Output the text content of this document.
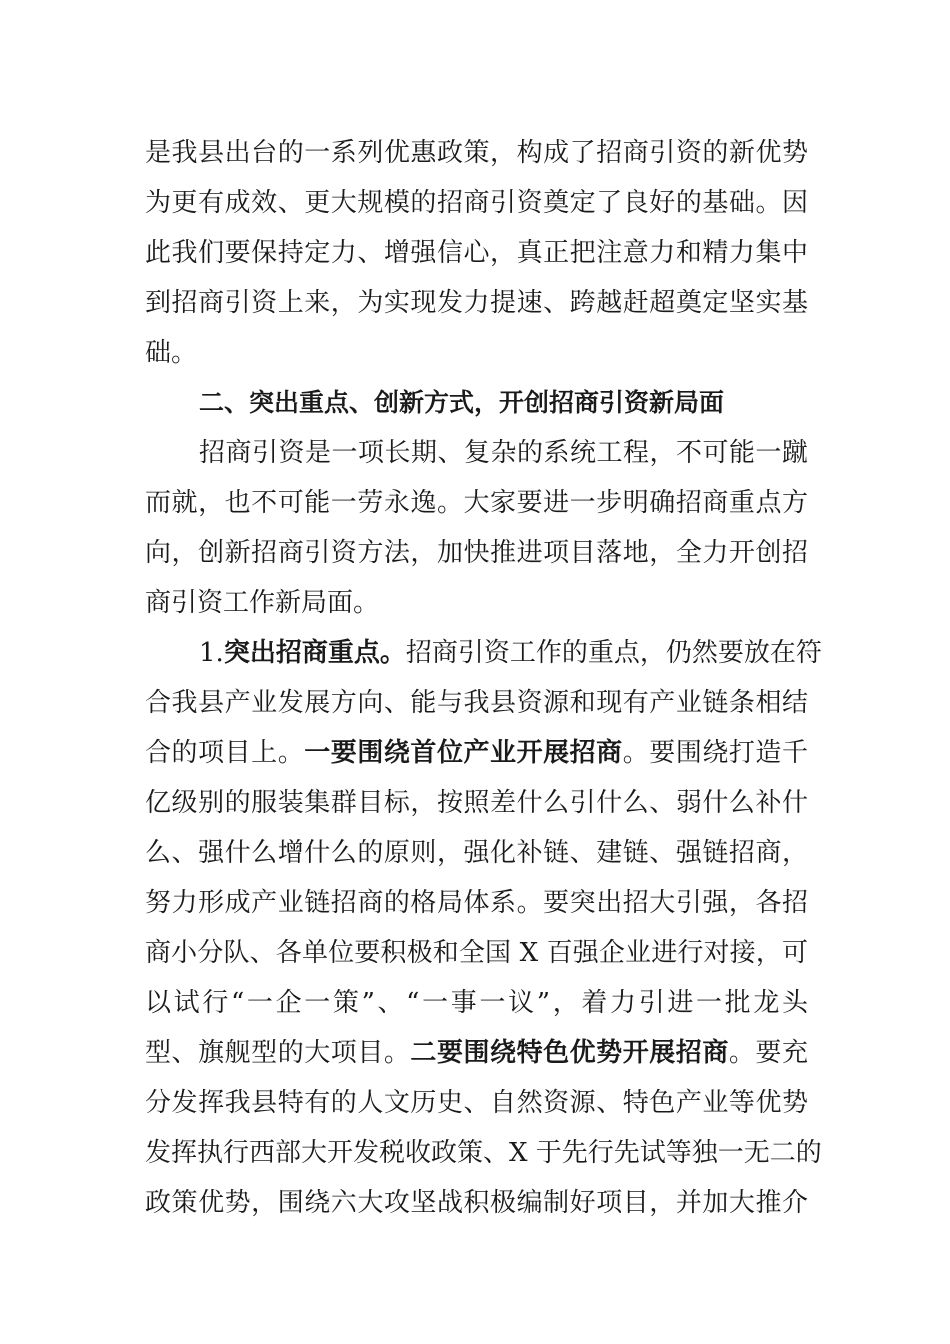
是我县出台的一系列优惠政策，构成了招商引资的新优势
为更有成效、更大规模的招商引资奠定了良好的基础。因
此我们要保持定力、增强信心，真正把注意力和精力集中
到招商引资上来，为实现发力提速、跨越赶超奠定坚实基
础。
二、突出重点、创新方式，开创招商引资新局面
招商引资是一项长期、复杂的系统工程，不可能一蹴
而就，也不可能一劳永逸。大家要进一步明确招商重点方
向，创新招商引资方法，加快推进项目落地，全力开创招
商引资工作新局面。
1.突出招商重点。招商引资工作的重点，仍然要放在符
合我县产业发展方向、能与我县资源和现有产业链条相结
合的项目上。一要围绕首位产业开展招商。要围绕打造千
亿级别的服装集群目标，按照差什么引什么、弱什么补什
么、强什么增什么的原则，强化补链、建链、强链招商，
努力形成产业链招商的格局体系。要突出招大引强，各招
商小分队、各单位要积极和全国 X 百强企业进行对接，可
以试行“一企一策”、“一事一议”，着力引进一批龙头
型、旗舰型的大项目。二要围绕特色优势开展招商。要充
分发挥我县特有的人文历史、自然资源、特色产业等优势
发挥执行西部大开发税收政策、X 于先行先试等独一无二的
政策优势，围绕六大攻坚战积极编制好项目，并加大推介
